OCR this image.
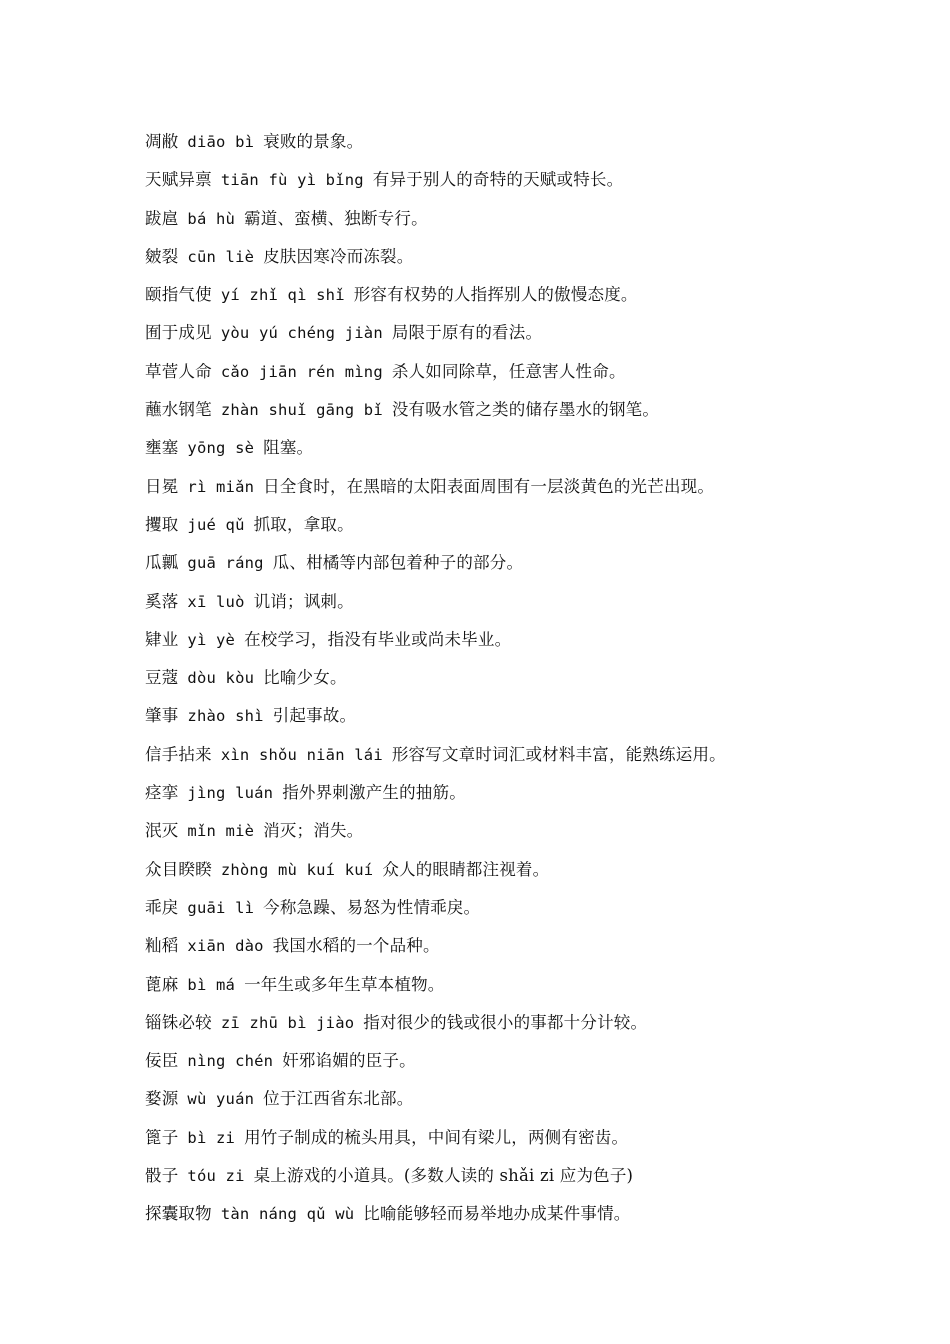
凋敝 diāo bì 衰败的景象。
天赋异禀 tiān fù yì bǐng 有异于别人的奇特的天赋或特长。
跋扈 bá hù 霸道、蛮横、独断专行。
皴裂 cūn liè 皮肤因寒冷而冻裂。
颐指气使 yí zhǐ qì shǐ 形容有权势的人指挥别人的傲慢态度。
囿于成见 yòu yú chéng jiàn 局限于原有的看法。
草菅人命 cǎo jiān rén mìng 杀人如同除草，任意害人性命。
蘸水钢笔 zhàn shuǐ gāng bǐ 没有吸水管之类的储存墨水的钢笔。
壅塞 yōng sè 阻塞。
日冕 rì miǎn 日全食时，在黑暗的太阳表面周围有一层淡黄色的光芒出现。
攫取 jué qǔ 抓取，拿取。
瓜瓤 guā ráng 瓜、柑橘等内部包着种子的部分。
奚落 xī luò 讥诮；讽刺。
肄业 yì yè 在校学习，指没有毕业或尚未毕业。
豆蔻 dòu kòu 比喻少女。
肇事 zhào shì 引起事故。
信手拈来 xìn shǒu niān lái 形容写文章时词汇或材料丰富，能熟练运用。
痉挛 jìng luán 指外界刺激产生的抽筋。
泯灭 mǐn miè 消灭；消失。
众目睽睽 zhòng mù kuí kuí 众人的眼睛都注视着。
乖戾 guāi lì 今称急躁、易怒为性情乖戾。
籼稻 xiān dào 我国水稻的一个品种。
蓖麻 bì má 一年生或多年生草本植物。
锱铢必较 zī zhū bì jiào 指对很少的钱或很小的事都十分计较。
佞臣 nìng chén 奸邪谄媚的臣子。
婺源 wù yuán 位于江西省东北部。
篦子 bì zi 用竹子制成的梳头用具，中间有梁儿，两侧有密齿。
骰子 tóu zi 桌上游戏的小道具。(多数人读的 shǎi zi 应为色子)
探囊取物 tàn náng qǔ wù 比喻能够轻而易举地办成某件事情。
